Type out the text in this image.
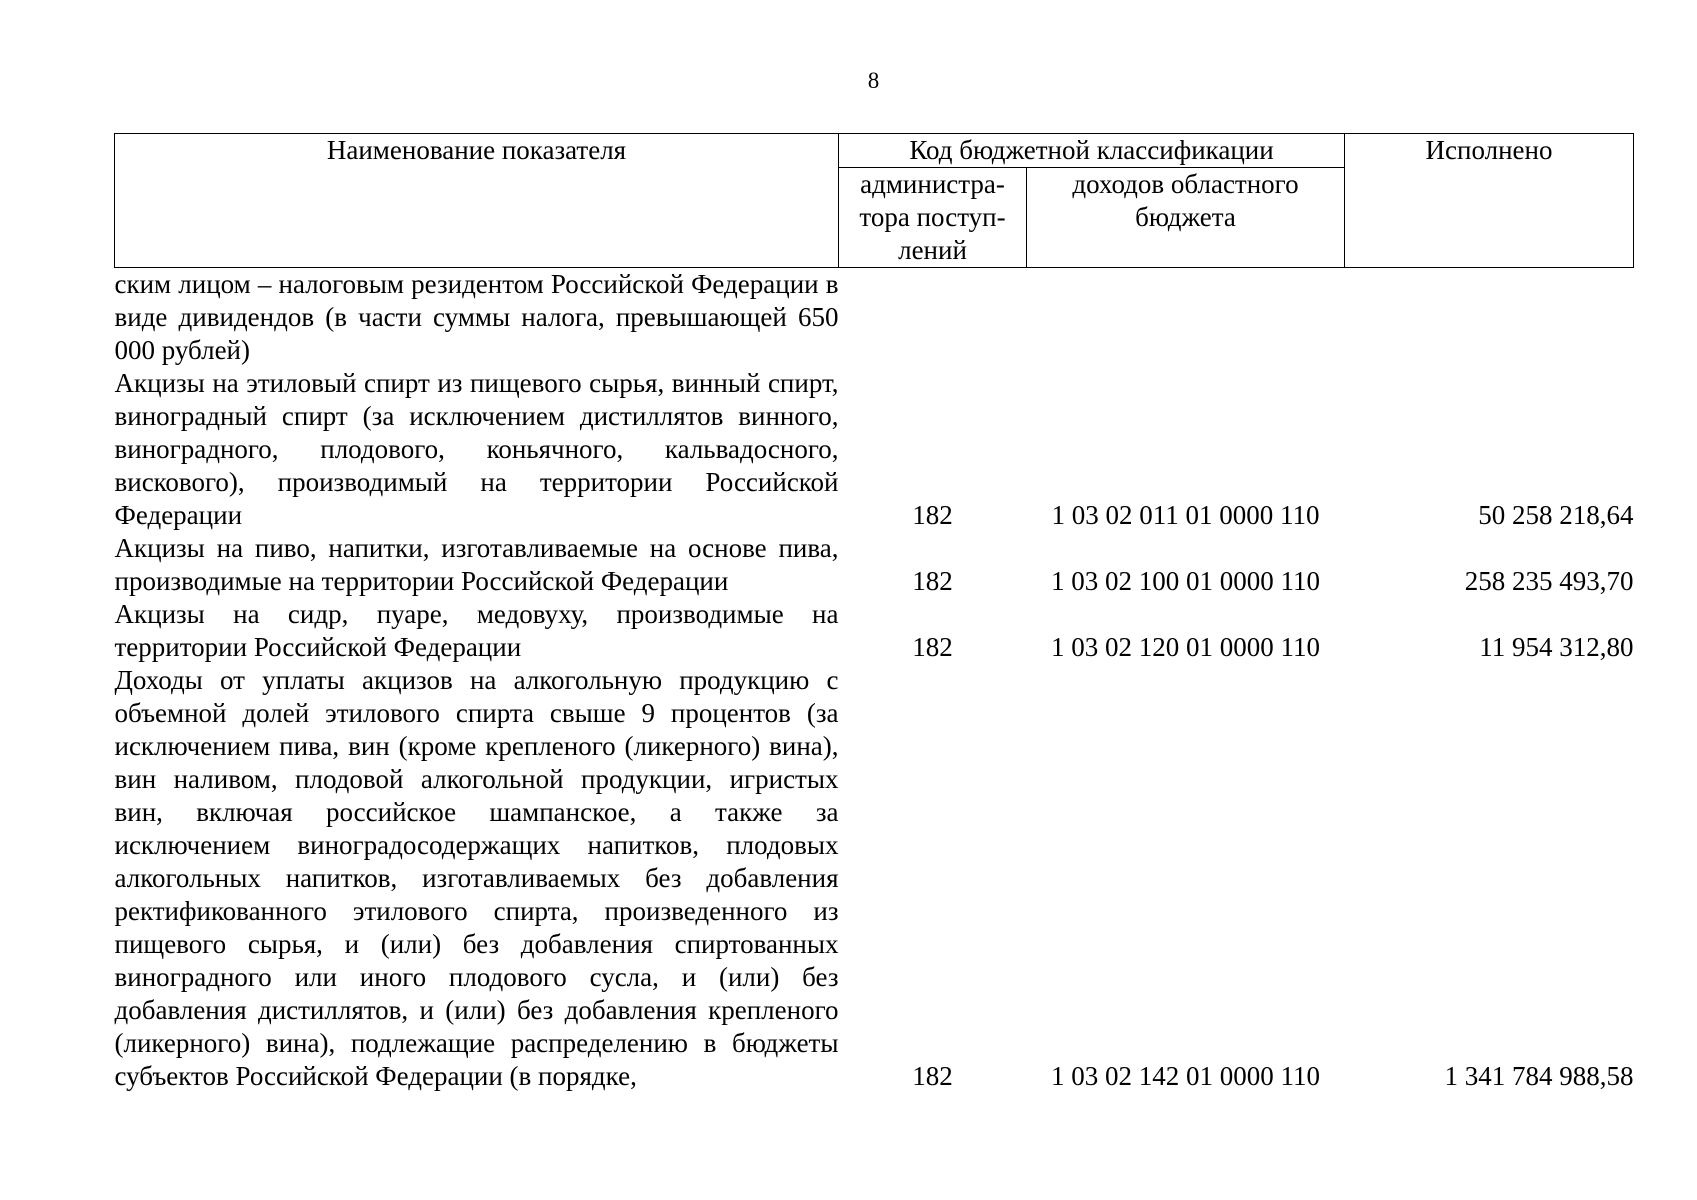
8
Наименование показателя	Код бюджетной классификации		Исполнено
	администра-тора поступ-лений	доходов областного бюджета	
ским лицом – налоговым резидентом Российской Федерации в виде дивидендов (в части суммы налога, превышающей 650 000 рублей)			
Акцизы на этиловый спирт из пищевого сырья, винный спирт, виноградный спирт (за исключением дистиллятов винного, виноградного, плодового, коньячного, кальвадосного, вискового), производимый на территории Российской Федерации	182	1 03 02 011 01 0000 110	50 258 218,64
Акцизы на пиво, напитки, изготавливаемые на основе пива, производимые на территории Российской Федерации	182	1 03 02 100 01 0000 110	258 235 493,70
Акцизы на сидр, пуаре, медовуху, производимые на территории Российской Федерации	182	1 03 02 120 01 0000 110	11 954 312,80
Доходы от уплаты акцизов на алкогольную продукцию с объемной долей этилового спирта свыше 9 процентов (за исключением пива, вин (кроме крепленого (ликерного) вина), вин наливом, плодовой алкогольной продукции, игристых вин, включая российское шампанское, а также за исключением виноградосодержащих напитков, плодовых алкогольных напитков, изготавливаемых без добавления ректификованного этилового спирта, произведенного из пищевого сырья, и (или) без добавления спиртованных виноградного или иного плодового сусла, и (или) без добавления дистиллятов, и (или) без добавления крепленого (ликерного) вина), подлежащие распределению в бюджеты субъектов Российской Федерации (в порядке,	182	1 03 02 142 01 0000 110	1 341 784 988,58
